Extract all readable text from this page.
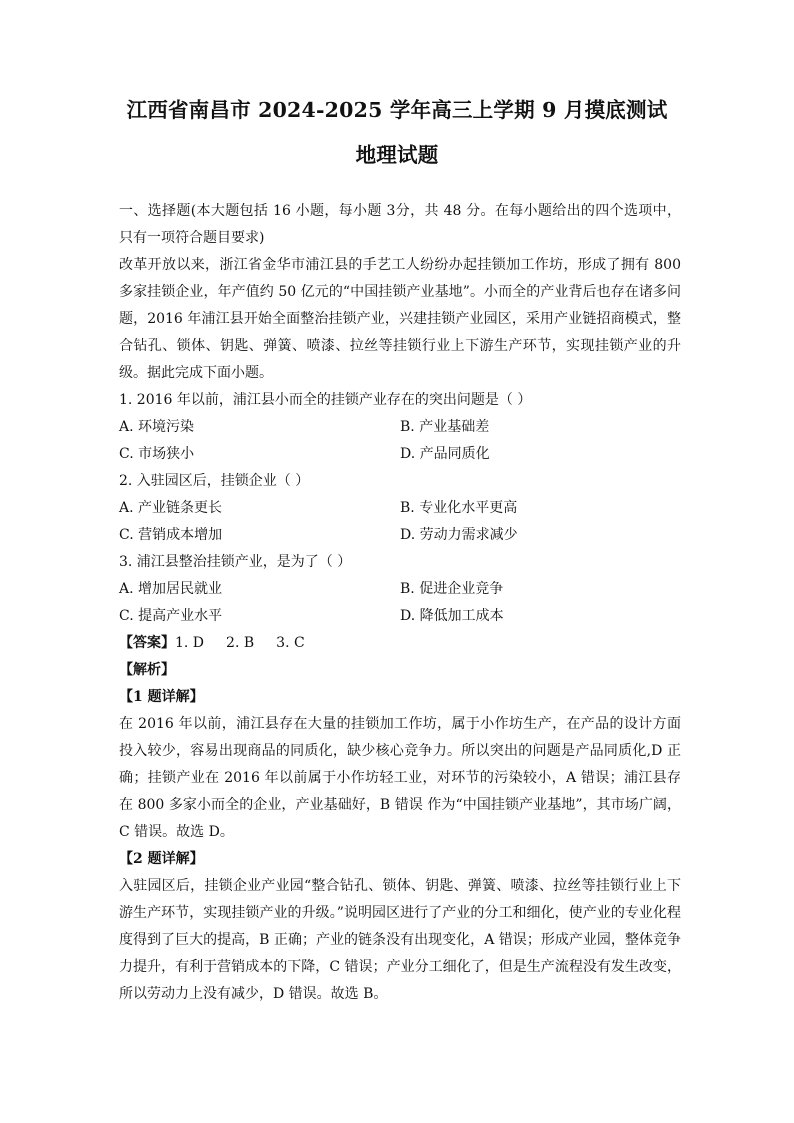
江西省南昌市 2024-2025 学年高三上学期 9 月摸底测试
地理试题

一、选择题(本大题包括 16 小题，每小题 3分，共 48 分。在每小题给出的四个选项中，只有一项符合题目要求)

改革开放以来，浙江省金华市浦江县的手艺工人纷纷办起挂锁加工作坊，形成了拥有 800 多家挂锁企业，年产值约 50 亿元的“中国挂锁产业基地”。小而全的产业背后也存在诸多问题，2016 年浦江县开始全面整治挂锁产业，兴建挂锁产业园区，采用产业链招商模式，整合钻孔、锁体、钥匙、弹簧、喷漆、拉丝等挂锁行业上下游生产环节，实现挂锁产业的升级。据此完成下面小题。

1. 2016 年以前，浦江县小而全的挂锁产业存在的突出问题是（ ）

A. 环境污染	B. 产业基础差
C. 市场狭小	D. 产品同质化

2. 入驻园区后，挂锁企业（ ）

A. 产业链条更长	B. 专业化水平更高
C. 营销成本增加	D. 劳动力需求减少

3. 浦江县整治挂锁产业，是为了（ ）

A. 增加居民就业	B. 促进企业竞争
C. 提高产业水平	D. 降低加工成本

【答案】1. D 2. B 3. C

【解析】

【1 题详解】

在 2016 年以前，浦江县存在大量的挂锁加工作坊，属于小作坊生产，在产品的设计方面投入较少，容易出现商品的同质化，缺少核心竞争力。所以突出的问题是产品同质化,D 正确；挂锁产业在 2016 年以前属于小作坊轻工业，对环节的污染较小，A 错误；浦江县存在 800 多家小而全的企业，产业基础好，B 错误 作为“中国挂锁产业基地”，其市场广阔，C 错误。故选 D。

【2 题详解】

入驻园区后，挂锁企业产业园“整合钻孔、锁体、钥匙、弹簧、喷漆、拉丝等挂锁行业上下游生产环节，实现挂锁产业的升级。”说明园区进行了产业的分工和细化，使产业的专业化程度得到了巨大的提高，B 正确；产业的链条没有出现变化，A 错误；形成产业园，整体竞争力提升，有利于营销成本的下降，C 错误；产业分工细化了，但是生产流程没有发生改变，所以劳动力上没有减少，D 错误。故选 B。
